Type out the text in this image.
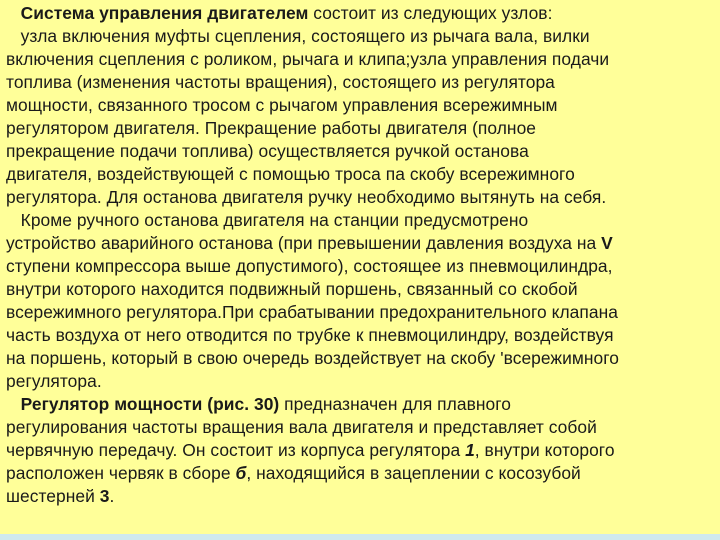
Система управления двигателем состоит из следующих узлов:
узла включения муфты сцепления, состоящего из рычага вала, вилки
включения сцепления с роликом, рычага и клипа;узла управления подачи
топлива (изменения частоты вращения), состоящего из регулятора
мощности, связанного тросом с рычагом управления всережимным
регулятором двигателя. Прекращение работы двигателя (полное
прекращение подачи топлива) осуществляется ручкой останова
двигателя, воздействующей с помощью троса па скобу всережимного
регулятора. Для останова двигателя ручку необходимо вытянуть на себя.
Кроме ручного останова двигателя на станции предусмотрено
устройство аварийного останова (при превышении давления воздуха на V
ступени компрессора выше допустимого), состоящее из пневмоцилиндра,
внутри которого находится подвижный поршень, связанный со скобой
всережимного регулятора.При срабатывании предохранительного клапана
часть воздуха от него отводится по трубке к пневмоцилиндру, воздействуя
на поршень, который в свою очередь воздействует на скобу 'всережимного
регулятора.
Регулятор мощности (рис. 30) предназначен для плавного
регулирования частоты вращения вала двигателя и представляет собой
червячную передачу. Он состоит из корпуса регулятора 1, внутри которого
расположен червяк в сборе б, находящийся в зацеплении с косозубой
шестерней 3.
